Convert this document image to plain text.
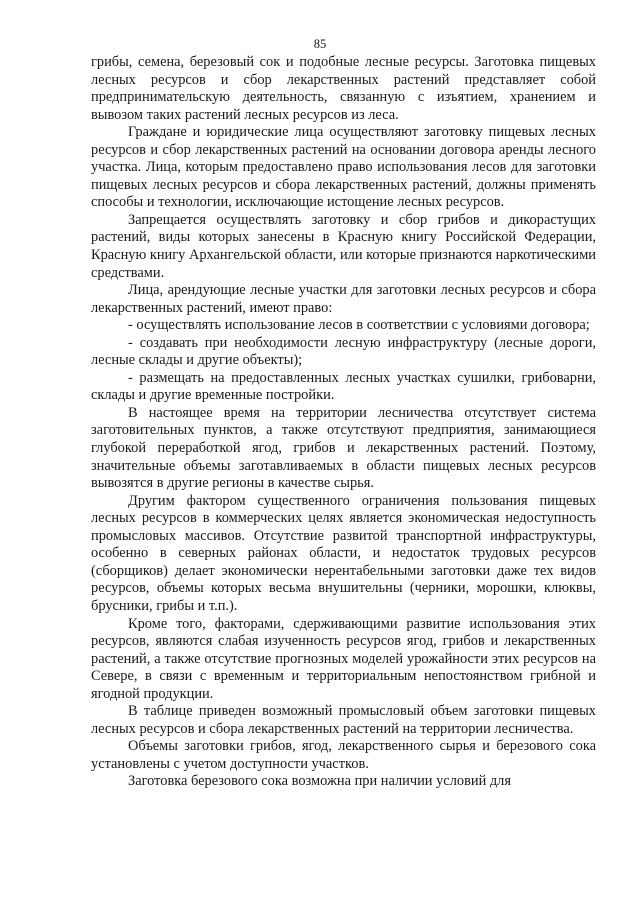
85

грибы, семена, березовый сок и подобные лесные ресурсы. Заготовка пищевых лесных ресурсов и сбор лекарственных растений представляет собой предпринимательскую деятельность, связанную с изъятием, хранением и вывозом таких растений лесных ресурсов из леса.

Граждане и юридические лица осуществляют заготовку пищевых лесных ресурсов и сбор лекарственных растений на основании договора аренды лесного участка. Лица, которым предоставлено право использования лесов для заготовки пищевых лесных ресурсов и сбора лекарственных растений, должны применять способы и технологии, исключающие истощение лесных ресурсов.

Запрещается осуществлять заготовку и сбор грибов и дикорастущих растений, виды которых занесены в Красную книгу Российской Федерации, Красную книгу Архангельской области, или которые признаются наркотическими средствами.

Лица, арендующие лесные участки для заготовки лесных ресурсов и сбора лекарственных растений, имеют право:

- осуществлять использование лесов в соответствии с условиями договора;

- создавать при необходимости лесную инфраструктуру (лесные дороги, лесные склады и другие объекты);

- размещать на предоставленных лесных участках сушилки, грибоварни, склады и другие временные постройки.

В настоящее время на территории лесничества отсутствует система заготовительных пунктов, а также отсутствуют предприятия, занимающиеся глубокой переработкой ягод, грибов и лекарственных растений. Поэтому, значительные объемы заготавливаемых в области пищевых лесных ресурсов вывозятся в другие регионы в качестве сырья.

Другим фактором существенного ограничения пользования пищевых лесных ресурсов в коммерческих целях является экономическая недоступность промысловых массивов. Отсутствие развитой транспортной инфраструктуры, особенно в северных районах области, и недостаток трудовых ресурсов (сборщиков) делает экономически нерентабельными заготовки даже тех видов ресурсов, объемы которых весьма внушительны (черники, морошки, клюквы, брусники, грибы и т.п.).

Кроме того, факторами, сдерживающими развитие использования этих ресурсов, являются слабая изученность ресурсов ягод, грибов и лекарственных растений, а также отсутствие прогнозных моделей урожайности этих ресурсов на Севере, в связи с временным и территориальным непостоянством грибной и ягодной продукции.

В таблице приведен возможный промысловый объем заготовки пищевых лесных ресурсов и сбора лекарственных растений на территории лесничества.

Объемы заготовки грибов, ягод, лекарственного сырья и березового сока установлены с учетом доступности участков.

Заготовка березового сока возможна при наличии условий для
